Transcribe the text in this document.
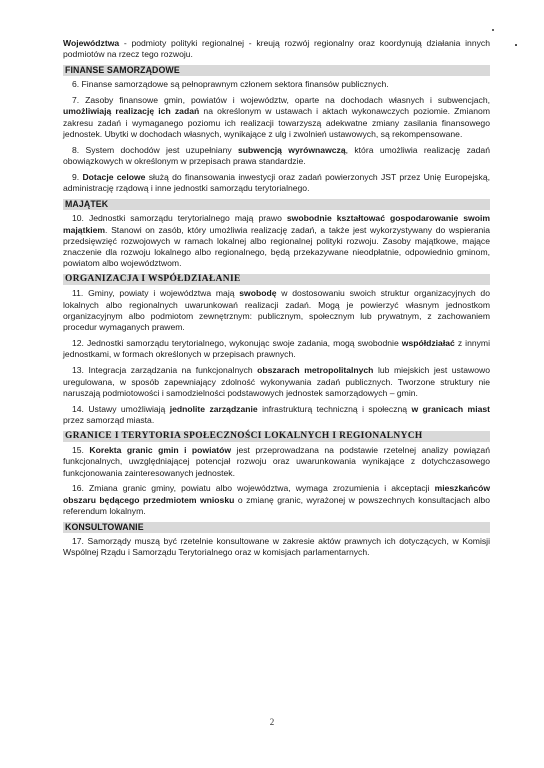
Województwa - podmioty polityki regionalnej - kreują rozwój regionalny oraz koordynują działania innych podmiotów na rzecz tego rozwoju.

FINANSE SAMORZĄDOWE

6. Finanse samorządowe są pełnoprawnym członem sektora finansów publicznych.

7. Zasoby finansowe gmin, powiatów i województw, oparte na dochodach własnych i subwencjach, umożliwiają realizację ich zadań na określonym w ustawach i aktach wykonawczych poziomie. Zmianom zakresu zadań i wymaganego poziomu ich realizacji towarzyszą adekwatne zmiany zasilania finansowego jednostek. Ubytki w dochodach własnych, wynikające z ulg i zwolnień ustawowych, są rekompensowane.

8. System dochodów jest uzupełniany subwencją wyrównawczą, która umożliwia realizację zadań obowiązkowych w określonym w przepisach prawa standardzie.

9. Dotacje celowe służą do finansowania inwestycji oraz zadań powierzonych JST przez Unię Europejską, administrację rządową i inne jednostki samorządu terytorialnego.

MAJĄTEK

10. Jednostki samorządu terytorialnego mają prawo swobodnie kształtować gospodarowanie swoim majątkiem. Stanowi on zasób, który umożliwia realizację zadań, a także jest wykorzystywany do wspierania przedsięwzięć rozwojowych w ramach lokalnej albo regionalnej polityki rozwoju. Zasoby majątkowe, mające znaczenie dla rozwoju lokalnego albo regionalnego, będą przekazywane nieodpłatnie, odpowiednio gminom, powiatom albo województwom.

ORGANIZACJA I WSPÓŁDZIAŁANIE

11. Gminy, powiaty i województwa mają swobodę w dostosowaniu swoich struktur organizacyjnych do lokalnych albo regionalnych uwarunkowań realizacji zadań. Mogą je powierzyć własnym jednostkom organizacyjnym albo podmiotom zewnętrznym: publicznym, społecznym lub prywatnym, z zachowaniem procedur wymaganych prawem.

12. Jednostki samorządu terytorialnego, wykonując swoje zadania, mogą swobodnie współdziałać z innymi jednostkami, w formach określonych w przepisach prawnych.

13. Integracja zarządzania na funkcjonalnych obszarach metropolitalnych lub miejskich jest ustawowo uregulowana, w sposób zapewniający zdolność wykonywania zadań publicznych. Tworzone struktury nie naruszają podmiotowości i samodzielności podstawowych jednostek samorządowych – gmin.

14. Ustawy umożliwiają jednolite zarządzanie infrastrukturą techniczną i społeczną w granicach miast przez samorząd miasta.

GRANICE I TERYTORIA SPOŁECZNOŚCI LOKALNYCH I REGIONALNYCH

15. Korekta granic gmin i powiatów jest przeprowadzana na podstawie rzetelnej analizy powiązań funkcjonalnych, uwzględniającej potencjał rozwoju oraz uwarunkowania wynikające z dotychczasowego funkcjonowania zainteresowanych jednostek.

16. Zmiana granic gminy, powiatu albo województwa, wymaga zrozumienia i akceptacji mieszkańców obszaru będącego przedmiotem wniosku o zmianę granic, wyrażonej w powszechnych konsultacjach albo referendum lokalnym.

KONSULTOWANIE

17. Samorządy muszą być rzetelnie konsultowane w zakresie aktów prawnych ich dotyczących, w Komisji Wspólnej Rządu i Samorządu Terytorialnego oraz w komisjach parlamentarnych.

2
